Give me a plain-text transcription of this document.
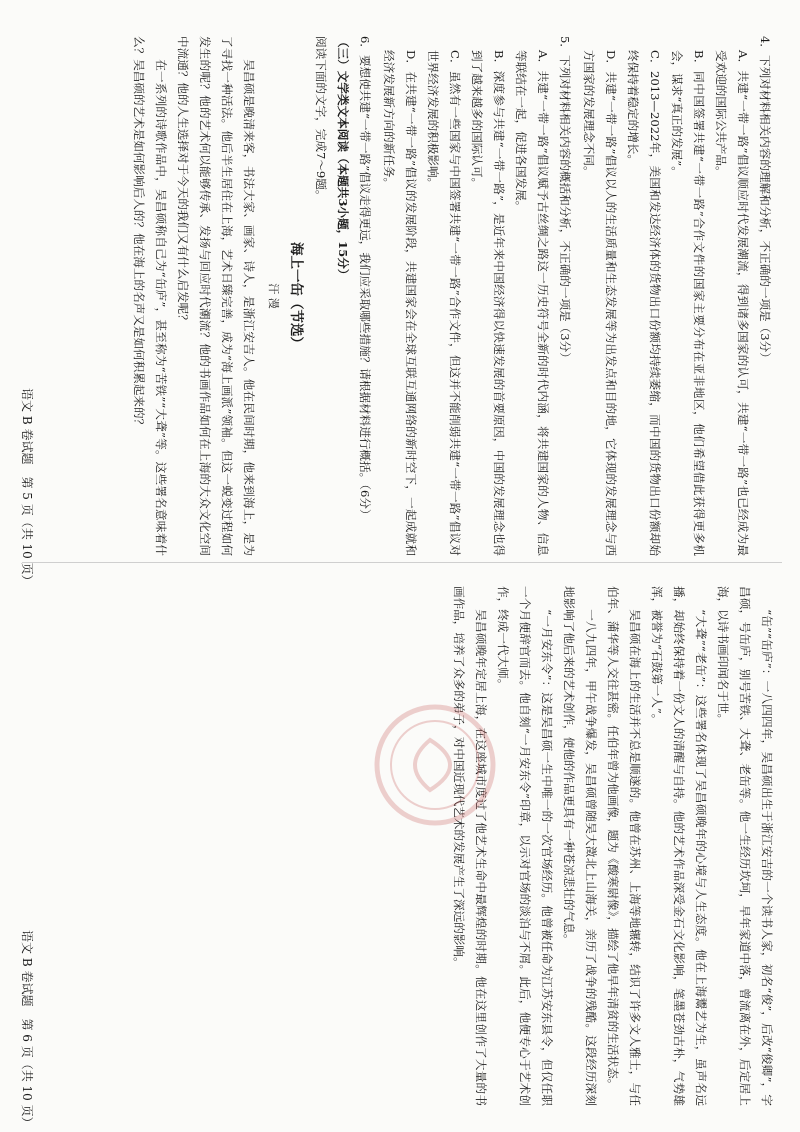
4．下列对材料相关内容的理解和分析，不正确的一项是（3分）

A．共建“一带一路”倡议顺应时代发展潮流，得到诸多国家的认可，共建“一带一路”也已经成为最受欢迎的国际公共产品。

B．同中国签署共建“一带一路”合作文件的国家主要分布在亚非地区，他们希望借此获得更多机会，谋求“真正的发展”。

C．2013—2022年，美国和发达经济体的货物出口份额均持续萎缩，而中国的货物出口份额却始终保持着稳定的增长。

D．共建“一带一路”倡议以人的生活质量和生态发展等为出发点和目的地，它体现的发展理念与西方国家的发展理念不同。

5．下列对材料相关内容的概括和分析，不正确的一项是（3分）

A．共建“一带一路”倡议赋予古丝绸之路这一历史符号全新的时代内涵，将共建国家的人物、信息等联结在一起，促进各国发展。

B．深度参与共建“一带一路”，是近年来中国经济得以快速发展的首要原因，中国的发展理念也得到了越来越多的国际认可。

C．虽然有一些国家与中国签署共建“一带一路”合作文件，但这并不能削弱共建“一带一路”倡议对世界经济发展的积极影响。

D．在共建“一带一路”倡议的发展阶段，共建国家会在全球互联互通网络的新时空下，一起成就和经济发展新方向的新任务。

6．要想使共建“一带一路”倡议走得更远，我们应采取哪些措施？请根据材料进行概括。（6分）

（三）文学类文本阅读（本题共3小题，15分）

阅读下面的文字，完成7～9题。

海上一缶（节选）

汗 漫

吴昌硕是晚清来客，书法大家、画家、诗人，是浙江安吉人。他在民间时期，他来到海上，是为了寻找一种活法。他后半生居住在上海，艺术日臻完善，成为“海上画派”领袖。但这一蜕变过程如何发生的呢？他的艺术何以能够传承、发扬与回应时代潮流？他的书画作品如何在上海的大众文化空间中流通？他的人生选择对于今天的我们又有什么启发呢？

在一系列的诗歌作品中，吴昌硕称自己为“缶庐”，甚至称为“苦铁”“大聋”等。这些署名意味着什么？吴昌硕的艺术是如何影响后人的？他在海上的名声又是如何积累起来的？

“缶”“缶庐”：一八四四年，吴昌硕出生于浙江安吉的一个读书人家，初名“俊”，后改“俊卿”，字昌硕，号缶庐，别号苦铁、大聋、老缶等。他一生经历坎坷，早年家道中落，曾流离在外，后定居上海，以诗书画印闻名于世。

“大聋”“老缶”：这些署名体现了吴昌硕晚年的心境与人生态度。他在上海鬻艺为生，虽声名远播，却始终保持着一份文人的清醒与自持。他的艺术作品深受金石文化影响，笔墨苍劲古朴，气势雄浑，被誉为“石鼓第一人”。

吴昌硕在海上的生活并不总是顺遂的。他曾在苏州、上海等地辗转，结识了许多文人雅士，与任伯年、蒲华等人交往甚密。任伯年曾为他画像，题为《酸寒尉像》，描绘了他早年清贫的生活状态。

一八九四年，甲午战争爆发，吴昌硕曾随吴大澂北上山海关，亲历了战争的残酷。这段经历深刻地影响了他后来的艺术创作，使他的作品更具有一种苍凉悲壮的气息。

“一月安东令”：这是吴昌硕一生中唯一的一次官场经历。他曾被任命为江苏安东县令，但仅任职一个月便辞官而去。他自刻“一月安东令”印章，以示对官场的淡泊与不屑。此后，他便专心于艺术创作，终成一代大师。

吴昌硕晚年定居上海，在这座城市度过了他艺术生命中最辉煌的时期。他在这里创作了大量的书画作品，培养了众多的弟子，对中国近现代艺术的发展产生了深远的影响。

语文 B 卷试题　第 5 页（共 10 页）
语文 B 卷试题　第 6 页（共 10 页）
